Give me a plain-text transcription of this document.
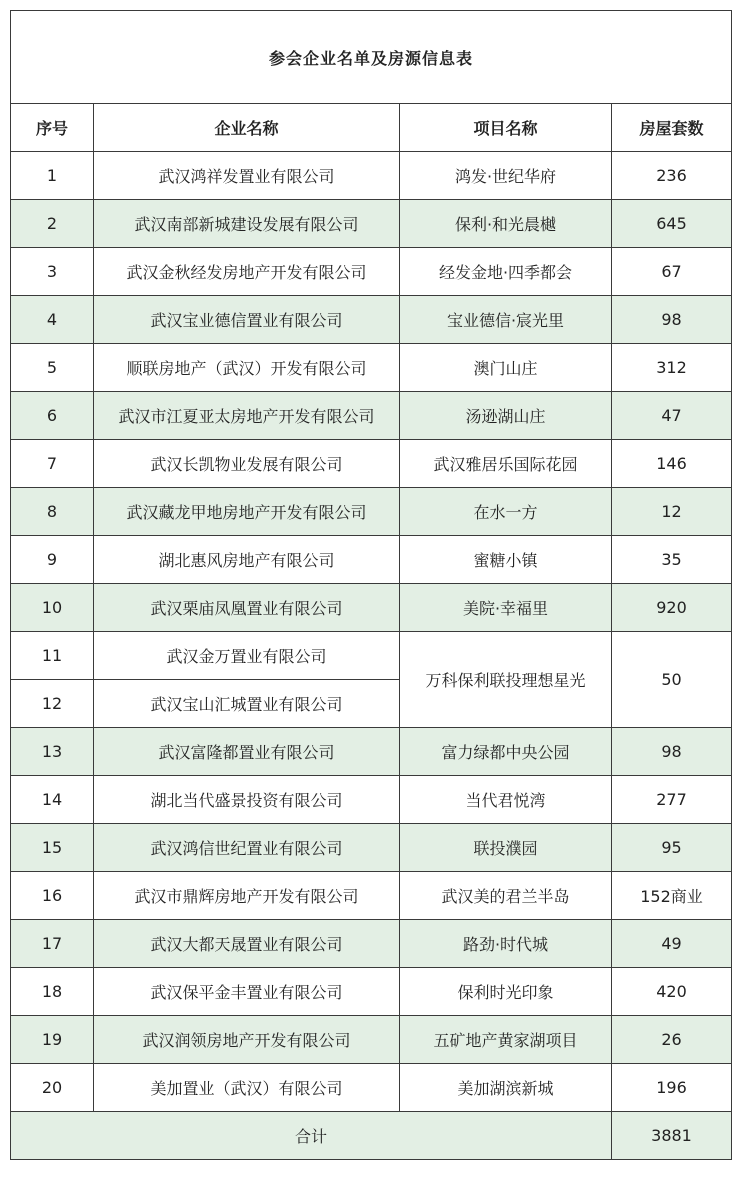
参会企业名单及房源信息表			
序号	企业名称	项目名称	房屋套数
1	武汉鸿祥发置业有限公司	鸿发·世纪华府	236
2	武汉南部新城建设发展有限公司	保利·和光晨樾	645
3	武汉金秋经发房地产开发有限公司	经发金地·四季都会	67
4	武汉宝业德信置业有限公司	宝业德信·宸光里	98
5	顺联房地产（武汉）开发有限公司	澳门山庄	312
6	武汉市江夏亚太房地产开发有限公司	汤逊湖山庄	47
7	武汉长凯物业发展有限公司	武汉雅居乐国际花园	146
8	武汉藏龙甲地房地产开发有限公司	在水一方	12
9	湖北惠风房地产有限公司	蜜糖小镇	35
10	武汉栗庙凤凰置业有限公司	美院·幸福里	920
11	武汉金万置业有限公司	万科保利联投理想星光	50
12	武汉宝山汇城置业有限公司		
13	武汉富隆都置业有限公司	富力绿都中央公园	98
14	湖北当代盛景投资有限公司	当代君悦湾	277
15	武汉鸿信世纪置业有限公司	联投濮园	95
16	武汉市鼎辉房地产开发有限公司	武汉美的君兰半岛	152商业
17	武汉大都天晟置业有限公司	路劲·时代城	49
18	武汉保平金丰置业有限公司	保利时光印象	420
19	武汉润领房地产开发有限公司	五矿地产黄家湖项目	26
20	美加置业（武汉）有限公司	美加湖滨新城	196
合计			3881
